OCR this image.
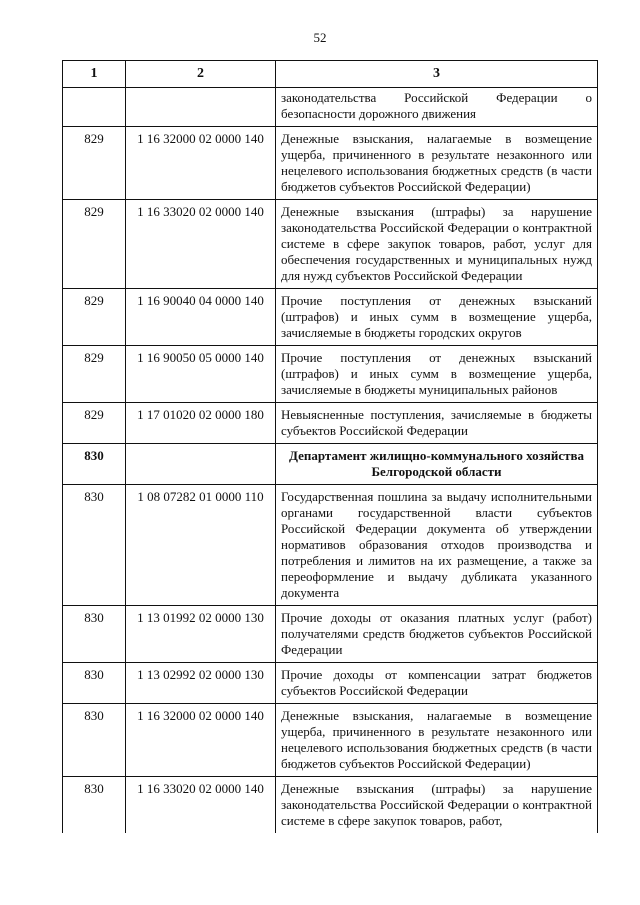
52
1	2	3
		законодательства Российской Федерации о безопасности дорожного движения
829	1 16 32000 02 0000 140	Денежные взыскания, налагаемые в возмещение ущерба, причиненного в результате незаконного или нецелевого использования бюджетных средств (в части бюджетов субъектов Российской Федерации)
829	1 16 33020 02 0000 140	Денежные взыскания (штрафы) за нарушение законодательства Российской Федерации о контрактной системе в сфере закупок товаров, работ, услуг для обеспечения государственных и муниципальных нужд для нужд субъектов Российской Федерации
829	1 16 90040 04 0000 140	Прочие поступления от денежных взысканий (штрафов) и иных сумм в возмещение ущерба, зачисляемые в бюджеты городских округов
829	1 16 90050 05 0000 140	Прочие поступления от денежных взысканий (штрафов) и иных сумм в возмещение ущерба, зачисляемые в бюджеты муниципальных районов
829	1 17 01020 02 0000 180	Невыясненные поступления, зачисляемые в бюджеты субъектов Российской Федерации
830		Департамент жилищно-коммунального хозяйства Белгородской области
830	1 08 07282 01 0000 110	Государственная пошлина за выдачу исполнительными органами государственной власти субъектов Российской Федерации документа об утверждении нормативов образования отходов производства и потребления и лимитов на их размещение, а также за переоформление и выдачу дубликата указанного документа
830	1 13 01992 02 0000 130	Прочие доходы от оказания платных услуг (работ) получателями средств бюджетов субъектов Российской Федерации
830	1 13 02992 02 0000 130	Прочие доходы от компенсации затрат бюджетов субъектов Российской Федерации
830	1 16 32000 02 0000 140	Денежные взыскания, налагаемые в возмещение ущерба, причиненного в результате незаконного или нецелевого использования бюджетных средств (в части бюджетов субъектов Российской Федерации)
830	1 16 33020 02 0000 140	Денежные взыскания (штрафы) за нарушение законодательства Российской Федерации о контрактной системе в сфере закупок товаров, работ,
